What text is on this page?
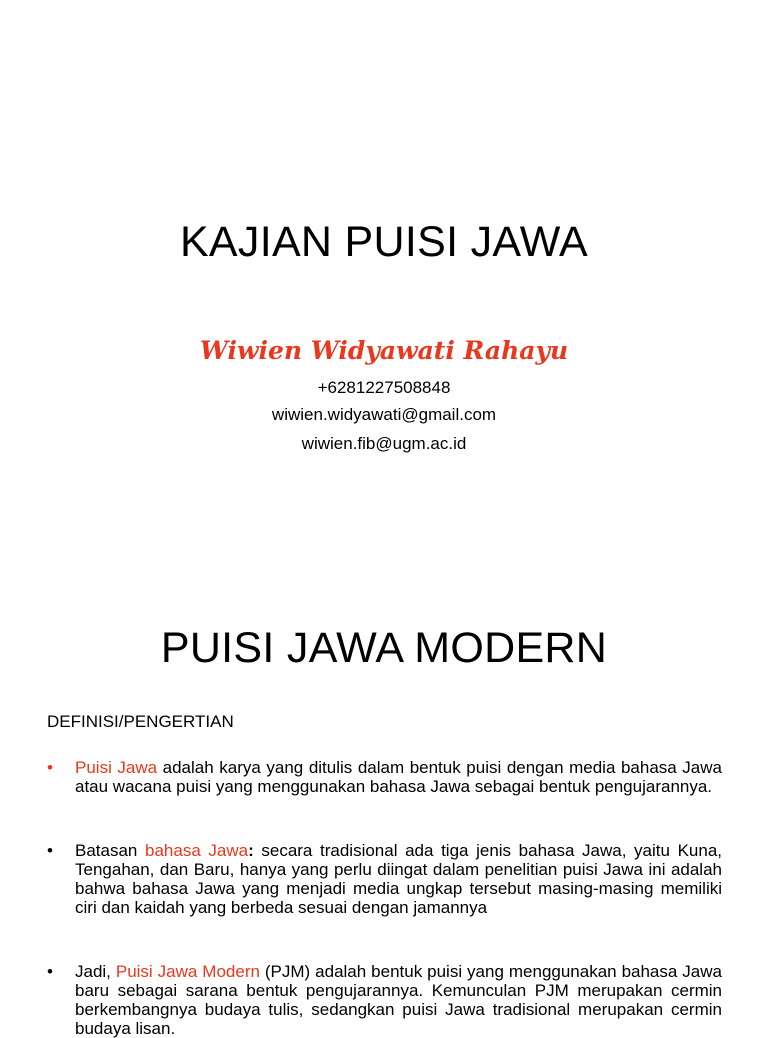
KAJIAN PUISI JAWA
Wiwien Widyawati Rahayu
+6281227508848
wiwien.widyawati@gmail.com
wiwien.fib@ugm.ac.id
PUISI JAWA MODERN
DEFINISI/PENGERTIAN
• Puisi Jawa adalah karya yang ditulis dalam bentuk puisi dengan media bahasa Jawa atau wacana puisi yang menggunakan bahasa Jawa sebagai bentuk pengujarannya.
• Batasan bahasa Jawa: secara tradisional ada tiga jenis bahasa Jawa, yaitu Kuna, Tengahan, dan Baru, hanya yang perlu diingat dalam penelitian puisi Jawa ini adalah bahwa bahasa Jawa yang menjadi media ungkap tersebut masing-masing memiliki ciri dan kaidah yang berbeda sesuai dengan jamannya
• Jadi, Puisi Jawa Modern (PJM) adalah bentuk puisi yang menggunakan bahasa Jawa baru sebagai sarana bentuk pengujarannya. Kemunculan PJM merupakan cermin berkembangnya budaya tulis, sedangkan puisi Jawa tradisional merupakan cermin budaya lisan.
